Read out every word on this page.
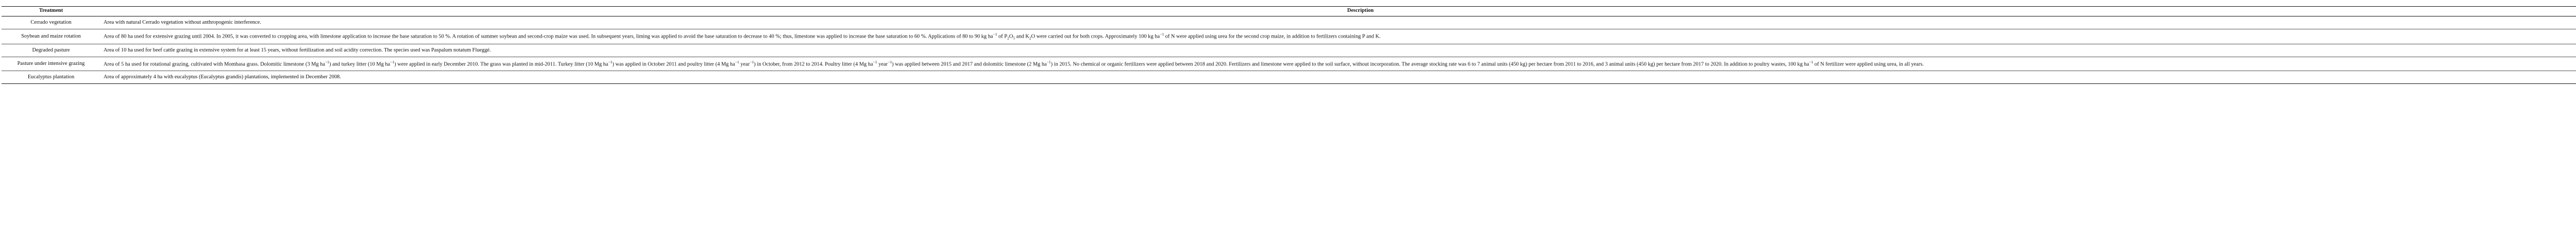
Treatment	Description
Cerrado vegetation	Area with natural Cerrado vegetation without anthropogenic interference.
Soybean and maize rotation	Area of 80 ha used for extensive grazing until 2004. In 2005, it was converted to cropping area, with limestone application to increase the base saturation to 50 %. A rotation of summer soybean and second-crop maize was used. In subsequent years, liming was applied to avoid the base saturation to decrease to 40 %; thus, limestone was applied to increase the base saturation to 60 %. Applications of 80 to 90 kg $ha^{-1}$ of $P_2O_5$ and $K_2O$ were carried out for both crops. Approximately 100 kg $ha^{-1}$ of N were applied using urea for the second crop maize, in addition to fertilizers containing P and K.
Degraded pasture	Area of 10 ha used for beef cattle grazing in extensive system for at least 15 years, without fertilization and soil acidity correction. The species used was Paspalum notatum Flueggé.
Pasture under intensive grazing	Area of 5 ha used for rotational grazing, cultivated with Mombasa grass. Dolomitic limestone (3 Mg $ha^{-1}$) and turkey litter (10 Mg $ha^{-1}$) were applied in early December 2010. The grass was planted in mid-2011. Turkey litter (10 Mg $ha^{-1}$) was applied in October 2011 and poultry litter (4 Mg $ha^{-1}$ year$^{-1}$) in October, from 2012 to 2014. Poultry litter (4 Mg $ha^{-1}$ year$^{-1}$) was applied between 2015 and 2017 and dolomitic limestone (2 Mg $ha^{-1}$) in 2015. No chemical or organic fertilizers were applied between 2018 and 2020. Fertilizers and limestone were applied to the soil surface, without incorporation. The average stocking rate was 6 to 7 animal units (450 kg) per hectare from 2011 to 2016, and 3 animal units (450 kg) per hectare from 2017 to 2020. In addition to poultry wastes, 100 kg $ha^{-1}$ of N fertilizer were applied using urea, in all years.
Eucalyptus plantation	Area of approximately 4 ha with eucalyptus (Eucalyptus grandis) plantations, implemented in December 2008.
